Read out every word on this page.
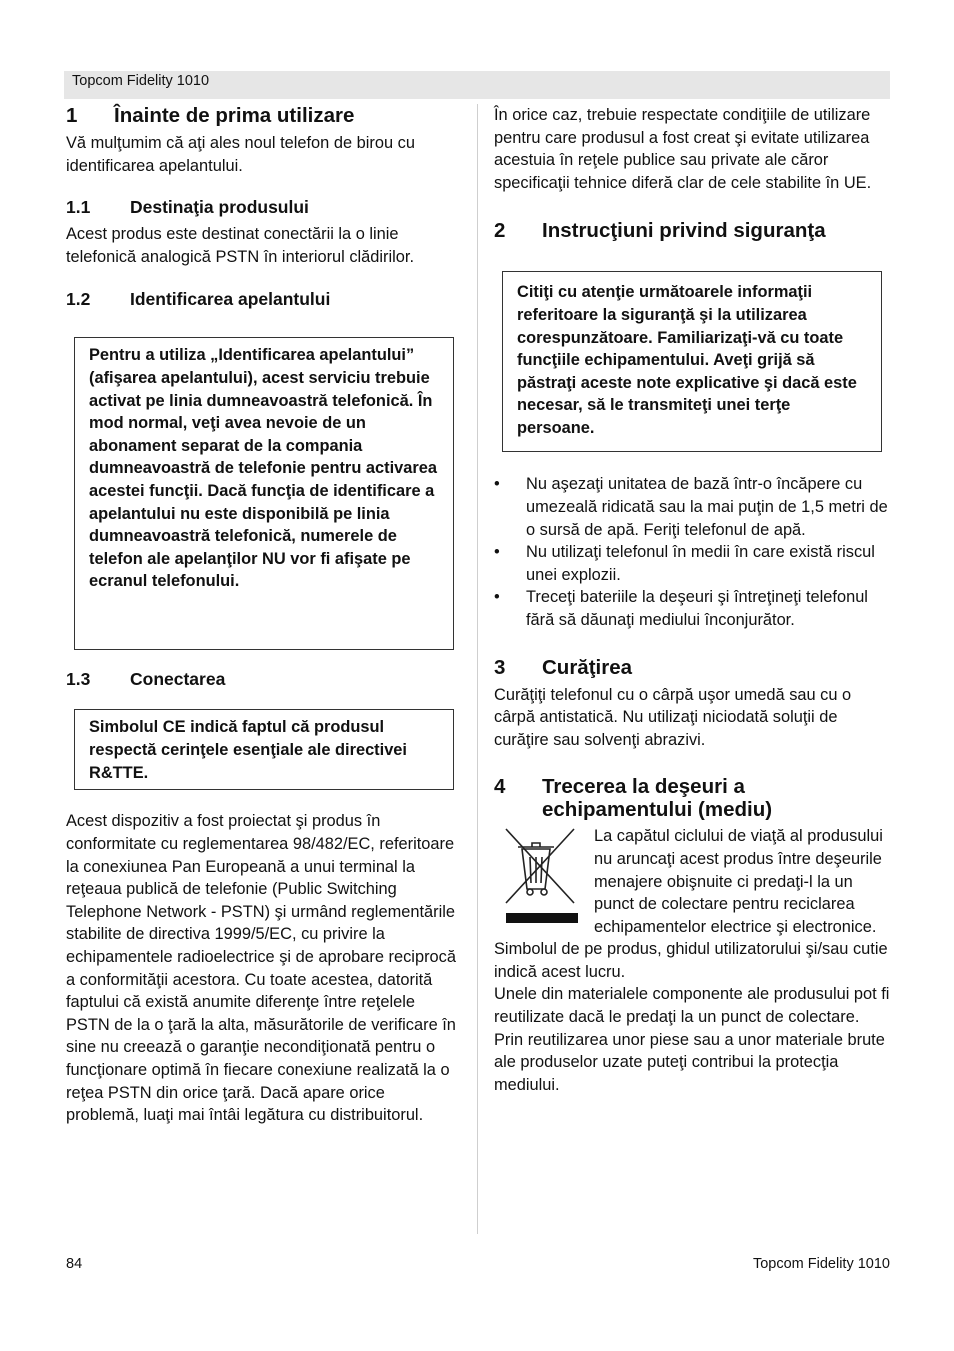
Topcom Fidelity 1010
1	Înainte de prima utilizare

Vă mulţumim că aţi ales noul telefon de birou cu identificarea apelantului.

1.1	Destinaţia produsului

Acest produs este destinat conectării la o linie telefonică analogică PSTN în interiorul clădirilor.

1.2	Identificarea apelantului
Pentru a utiliza „Identificarea apelantului” (afişarea apelantului), acest serviciu trebuie activat pe linia dumneavoastră telefonică. În mod normal, veţi avea nevoie de un abonament separat de la compania dumneavoastră de telefonie pentru activarea acestei funcţii. Dacă funcţia de identificare a apelantului nu este disponibilă pe linia dumneavoastră telefonică, numerele de telefon ale apelanţilor NU vor fi afişate pe ecranul telefonului.
1.3	Conectarea
Simbolul CE indică faptul că produsul respectă cerinţele esenţiale ale directivei R&TTE.

Acest dispozitiv a fost proiectat şi produs în conformitate cu reglementarea 98/482/EC, referitoare la conexiunea Pan Europeană a unui terminal la reţeaua publică de telefonie (Public Switching Telephone Network - PSTN) şi urmând reglementările stabilite de directiva 1999/5/EC, cu privire la echipamentele radioelectrice şi de aprobare reciprocă a conformităţii acestora. Cu toate acestea, datorită faptului că există anumite diferenţe între reţelele PSTN de la o ţară la alta, măsurătorile de verificare în sine nu creează o garanţie necondiţionată pentru o funcţionare optimă în fiecare conexiune realizată la o reţea PSTN din orice ţară. Dacă apare orice problemă, luaţi mai întâi legătura cu distribuitorul.

În orice caz, trebuie respectate condiţiile de utilizare pentru care produsul a fost creat şi evitate utilizarea acestuia în reţele publice sau private ale căror specificaţii tehnice diferă clar de cele stabilite în UE.

2	Instrucţiuni privind siguranţa
Citiţi cu atenţie următoarele informaţii referitoare la siguranţă şi la utilizarea corespunzătoare. Familiarizaţi-vă cu toate funcţiile echipamentului. Aveţi grijă să păstraţi aceste note explicative şi dacă este necesar, să le transmiteţi unei terţe persoane.
• Nu aşezaţi unitatea de bază într-o încăpere cu umezeală ridicată sau la mai puţin de 1,5 metri de o sursă de apă. Feriţi telefonul de apă.
• Nu utilizaţi telefonul în medii în care există riscul unei explozii.
• Treceţi bateriile la deşeuri şi întreţineţi telefonul fără să dăunaţi mediului înconjurător.
3	Curăţirea

Curăţiţi telefonul cu o cârpă uşor umedă sau cu o cârpă antistatică. Nu utilizaţi niciodată soluţii de curăţire sau solvenţi abrazivi.

4	Trecerea la deşeuri a echipamentului (mediu)

La capătul ciclului de viaţă al produsului nu aruncaţi acest produs între deşeurile menajere obişnuite ci predaţi-l la un punct de colectare pentru reciclarea echipamentelor electrice şi electronice. Simbolul de pe produs, ghidul utilizatorului şi/sau cutie indică acest lucru.

Unele din materialele componente ale produsului pot fi reutilizate dacă le predaţi la un punct de colectare. Prin reutilizarea unor piese sau a unor materiale brute ale produselor uzate puteţi contribui la protecţia mediului.

84	Topcom Fidelity 1010
